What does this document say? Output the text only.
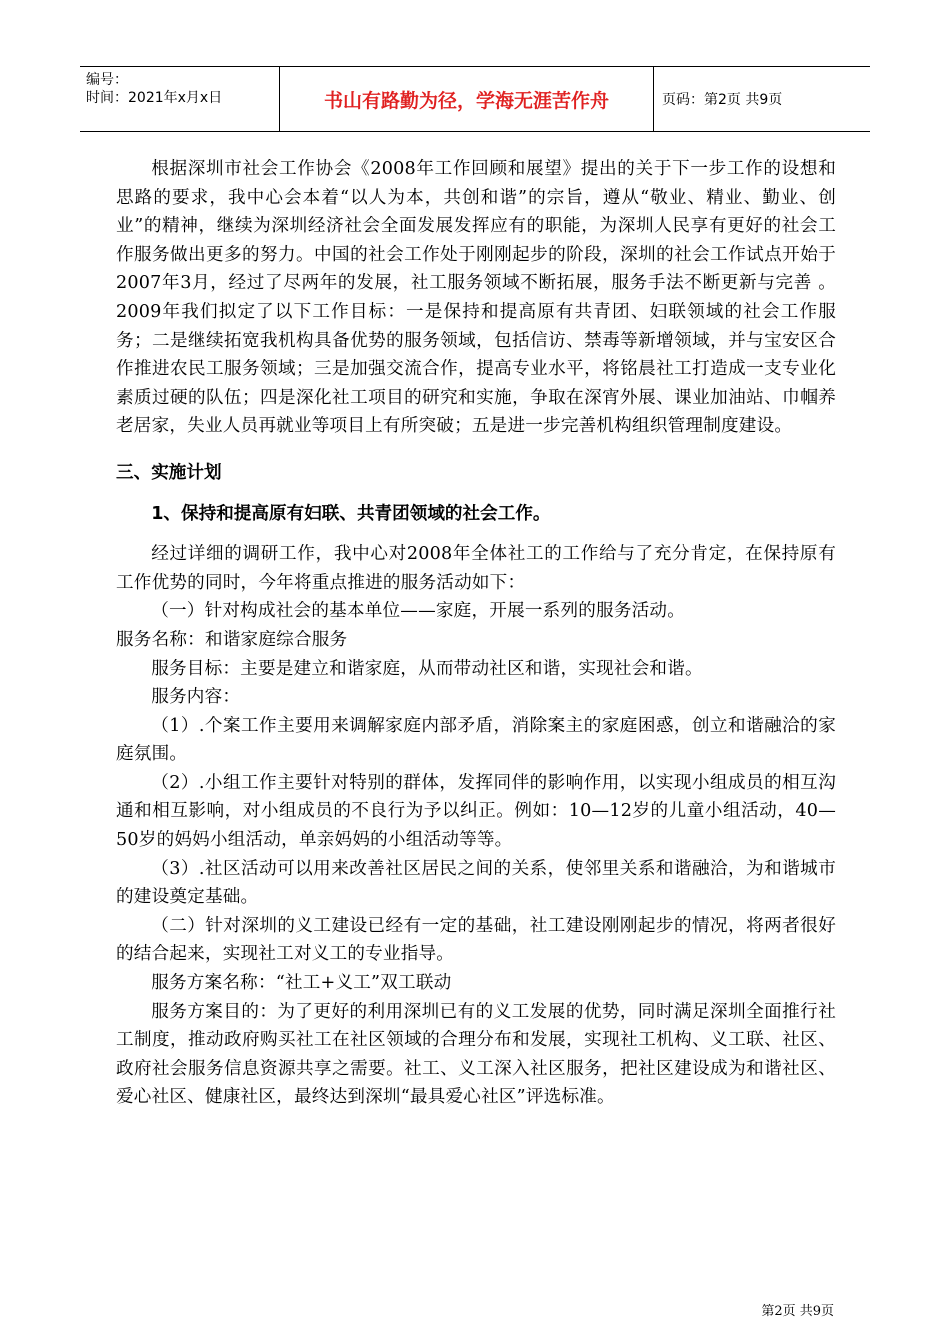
编号：
时间：2021年x月x日	书山有路勤为径，学海无涯苦作舟	页码：第2页 共9页

根据深圳市社会工作协会《2008年工作回顾和展望》提出的关于下一步工作的设想和思路的要求，我中心会本着“以人为本，共创和谐”的宗旨，遵从“敬业、精业、勤业、创业”的精神，继续为深圳经济社会全面发展发挥应有的职能，为深圳人民享有更好的社会工作服务做出更多的努力。中国的社会工作处于刚刚起步的阶段，深圳的社会工作试点开始于2007年3月，经过了尽两年的发展，社工服务领域不断拓展，服务手法不断更新与完善 。2009年我们拟定了以下工作目标：一是保持和提高原有共青团、妇联领域的社会工作服务；二是继续拓宽我机构具备优势的服务领域，包括信访、禁毒等新增领域，并与宝安区合作推进农民工服务领域；三是加强交流合作，提高专业水平，将铭晨社工打造成一支专业化素质过硬的队伍；四是深化社工项目的研究和实施，争取在深宵外展、课业加油站、巾帼养老居家，失业人员再就业等项目上有所突破；五是进一步完善机构组织管理制度建设。

三、实施计划

1、保持和提高原有妇联、共青团领域的社会工作。

经过详细的调研工作，我中心对2008年全体社工的工作给与了充分肯定，在保持原有工作优势的同时，今年将重点推进的服务活动如下：

（一）针对构成社会的基本单位——家庭，开展一系列的服务活动。

服务名称：和谐家庭综合服务

服务目标：主要是建立和谐家庭，从而带动社区和谐，实现社会和谐。

服务内容：

（1）.个案工作主要用来调解家庭内部矛盾，消除案主的家庭困惑，创立和谐融洽的家庭氛围。

（2）.小组工作主要针对特别的群体，发挥同伴的影响作用，以实现小组成员的相互沟通和相互影响，对小组成员的不良行为予以纠正。例如：10—12岁的儿童小组活动，40—50岁的妈妈小组活动，单亲妈妈的小组活动等等。

（3）.社区活动可以用来改善社区居民之间的关系，使邻里关系和谐融洽，为和谐城市的建设奠定基础。

（二）针对深圳的义工建设已经有一定的基础，社工建设刚刚起步的情况，将两者很好的结合起来，实现社工对义工的专业指导。

服务方案名称：“社工+义工”双工联动

服务方案目的：为了更好的利用深圳已有的义工发展的优势，同时满足深圳全面推行社工制度，推动政府购买社工在社区领域的合理分布和发展，实现社工机构、义工联、社区、政府社会服务信息资源共享之需要。社工、义工深入社区服务，把社区建设成为和谐社区、爱心社区、健康社区，最终达到深圳“最具爱心社区”评选标准。

第2页 共9页
